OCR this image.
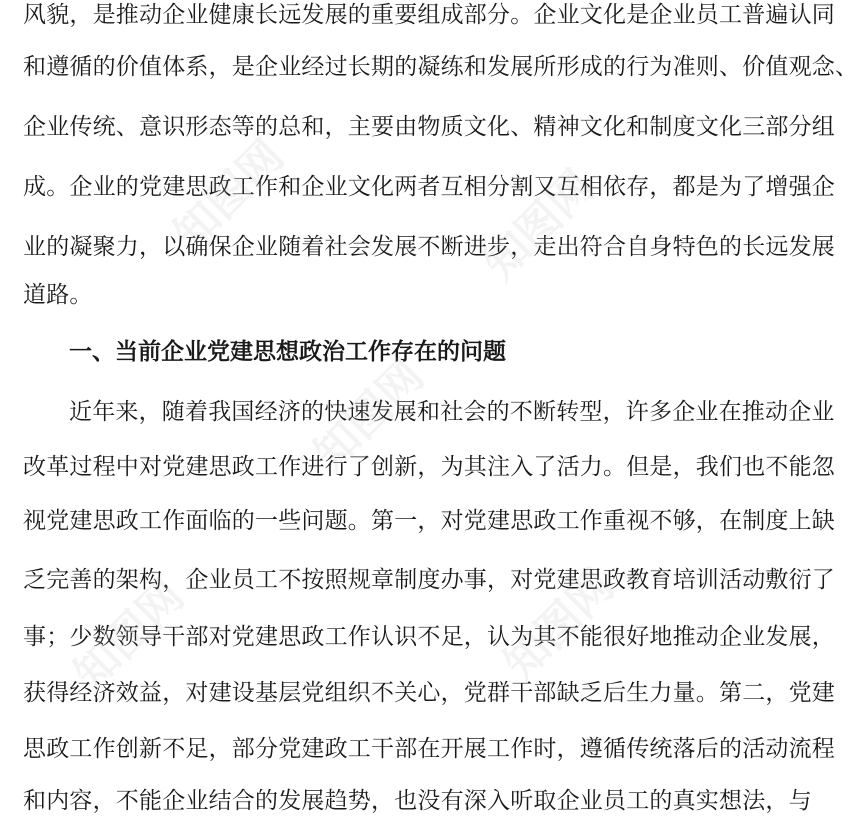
风貌，是推动企业健康长远发展的重要组成部分。企业文化是企业员工普遍认同
和遵循的价值体系，是企业经过长期的凝练和发展所形成的行为准则、价值观念、
企业传统、意识形态等的总和，主要由物质文化、精神文化和制度文化三部分组
成。企业的党建思政工作和企业文化两者互相分割又互相依存，都是为了增强企
业的凝聚力，以确保企业随着社会发展不断进步，走出符合自身特色的长远发展
道路。
一、当前企业党建思想政治工作存在的问题
近年来，随着我国经济的快速发展和社会的不断转型，许多企业在推动企业
改革过程中对党建思政工作进行了创新，为其注入了活力。但是，我们也不能忽
视党建思政工作面临的一些问题。第一，对党建思政工作重视不够，在制度上缺
乏完善的架构，企业员工不按照规章制度办事，对党建思政教育培训活动敷衍了
事；少数领导干部对党建思政工作认识不足，认为其不能很好地推动企业发展，
获得经济效益，对建设基层党组织不关心，党群干部缺乏后生力量。第二，党建
思政工作创新不足，部分党建政工干部在开展工作时，遵循传统落后的活动流程
和内容，不能企业结合的发展趋势，也没有深入听取企业员工的真实想法，与
知图网	知图网
知图网
知图网	知图网
